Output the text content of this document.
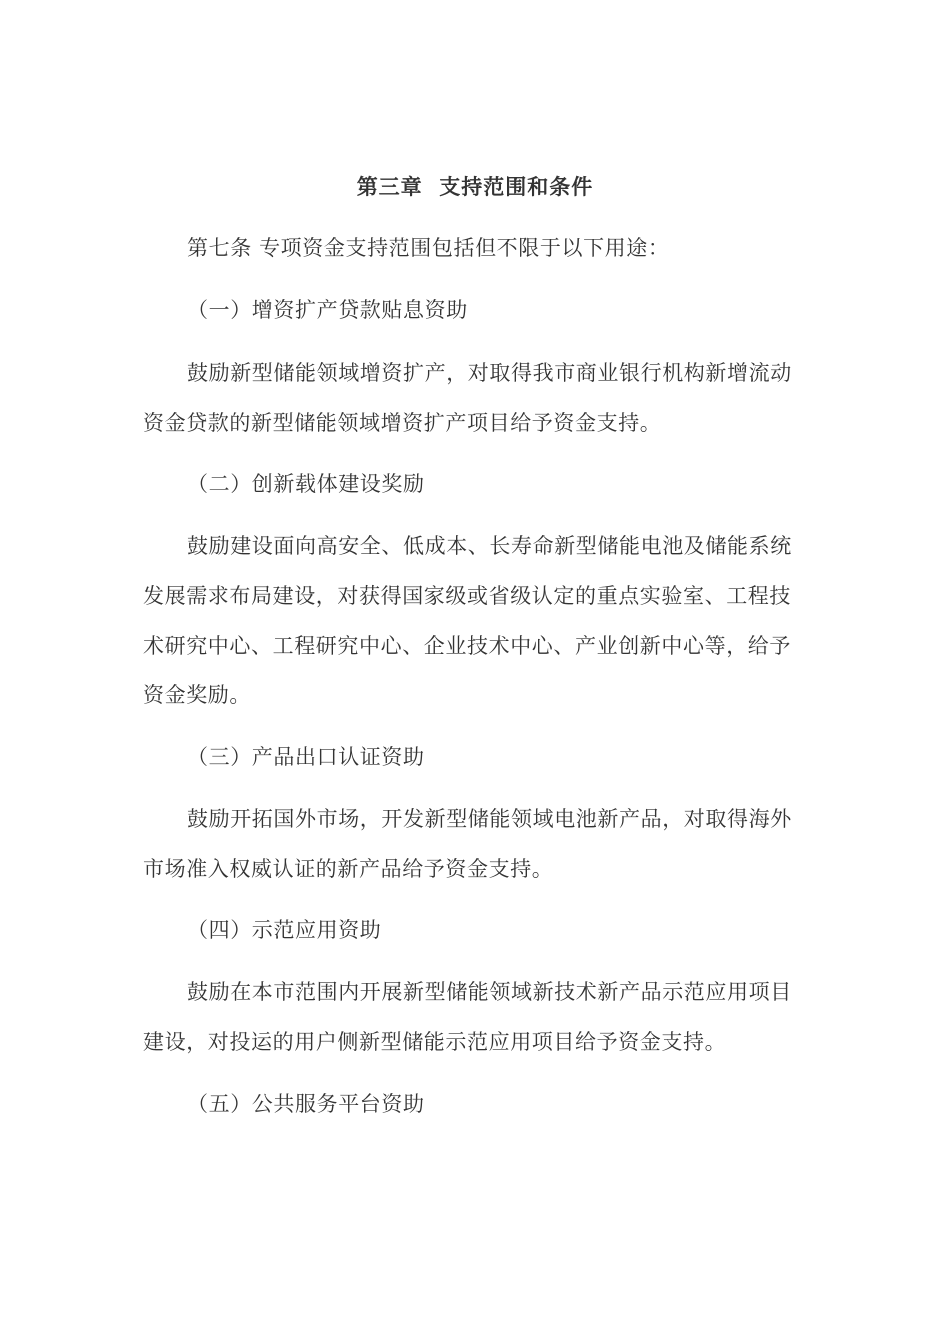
第三章  支持范围和条件
第七条 专项资金支持范围包括但不限于以下用途：
（一）增资扩产贷款贴息资助
鼓励新型储能领域增资扩产，对取得我市商业银行机构新增流动
资金贷款的新型储能领域增资扩产项目给予资金支持。
（二）创新载体建设奖励
鼓励建设面向高安全、低成本、长寿命新型储能电池及储能系统
发展需求布局建设，对获得国家级或省级认定的重点实验室、工程技
术研究中心、工程研究中心、企业技术中心、产业创新中心等，给予
资金奖励。
（三）产品出口认证资助
鼓励开拓国外市场，开发新型储能领域电池新产品，对取得海外
市场准入权威认证的新产品给予资金支持。
（四）示范应用资助
鼓励在本市范围内开展新型储能领域新技术新产品示范应用项目
建设，对投运的用户侧新型储能示范应用项目给予资金支持。
（五）公共服务平台资助
